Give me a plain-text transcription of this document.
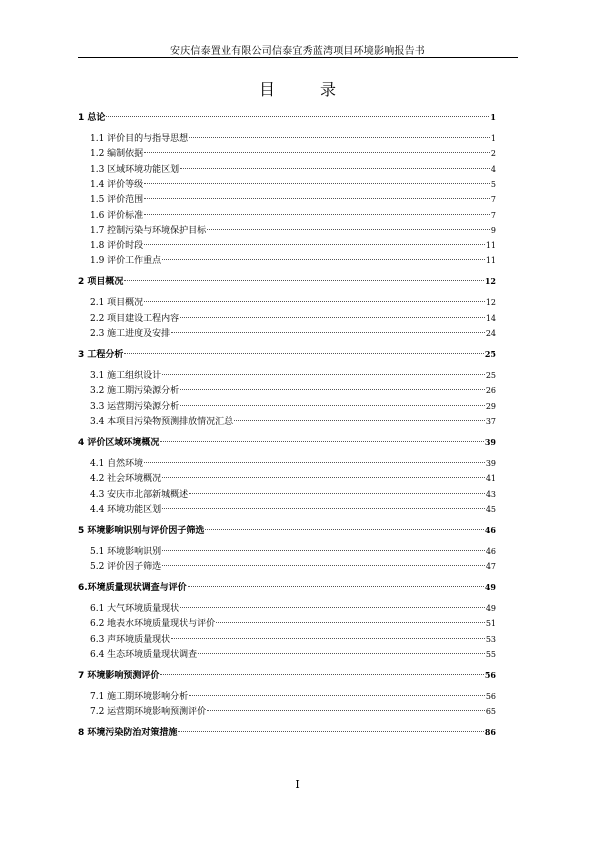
安庆信泰置业有限公司信泰宜秀蓝湾项目环境影响报告书
目 录
1 总论	1
1.1 评价目的与指导思想	1
1.2 编制依据	2
1.3 区域环境功能区划	4
1.4 评价等级	5
1.5 评价范围	7
1.6 评价标准	7
1.7 控制污染与环境保护目标	9
1.8 评价时段	11
1.9 评价工作重点	11
2 项目概况	12
2.1 项目概况	12
2.2 项目建设工程内容	14
2.3 施工进度及安排	24
3 工程分析	25
3.1 施工组织设计	25
3.2 施工期污染源分析	26
3.3 运营期污染源分析	29
3.4 本项目污染物预测排放情况汇总	37
4 评价区域环境概况	39
4.1 自然环境	39
4.2 社会环境概况	41
4.3 安庆市北部新城概述	43
4.4 环境功能区划	45
5 环境影响识别与评价因子筛选	46
5.1 环境影响识别	46
5.2 评价因子筛选	47
6.环境质量现状调查与评价	49
6.1 大气环境质量现状	49
6.2 地表水环境质量现状与评价	51
6.3 声环境质量现状	53
6.4 生态环境质量现状调查	55
7 环境影响预测评价	56
7.1 施工期环境影响分析	56
7.2 运营期环境影响预测评价	65
8 环境污染防治对策措施	86
I
